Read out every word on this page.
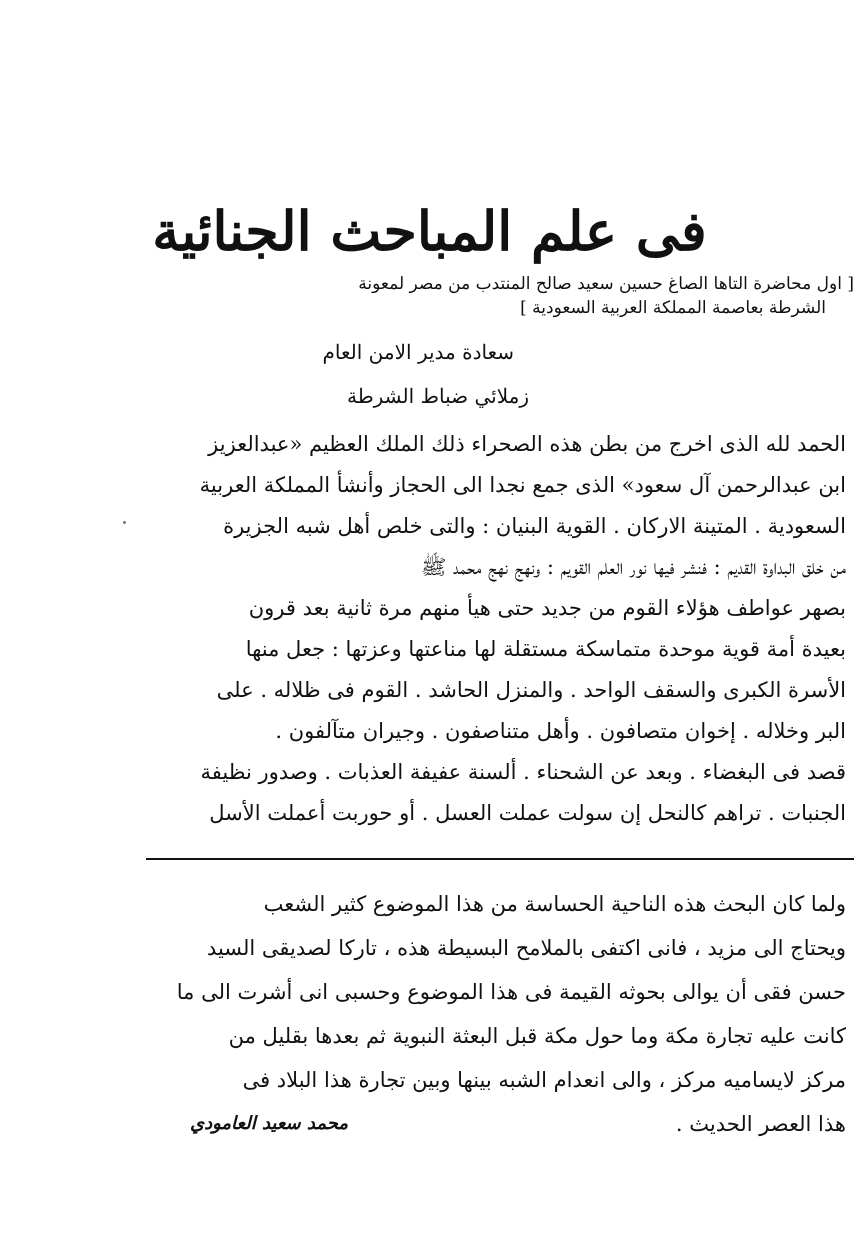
فى علم المباحث الجنائية
[ اول محاضرة التاها الصاغ حسين سعيد صالح المنتدب من مصر لمعونة
الشرطة بعاصمة المملكة العربية السعودية ]
سعادة مدير الامن العام
زملائي ضباط الشرطة
الحمد لله الذى اخرج من بطن هذه الصحراء ذلك الملك العظيم «عبدالعزيز
ابن عبدالرحمن آل سعود» الذى جمع نجدا الى الحجاز وأنشأ المملكة العربية
السعودية . المتينة الاركان . القوية البنيان : والتى خلص أهل شبه الجزيرة
من خلق البداوة القديم : فنشر فيها نور العلم القويم : ونهج نهج محمد ﷺ
بصهر عواطف هؤلاء القوم من جديد حتى هيأ منهم مرة ثانية بعد قرون
بعيدة أمة قوية موحدة متماسكة مستقلة لها مناعتها وعزتها : جعل منها
الأسرة الكبرى والسقف الواحد . والمنزل الحاشد . القوم فى ظلاله . على
البر وخلاله . إخوان متصافون . وأهل متناصفون . وجيران متآلفون .
قصد فى البغضاء . وبعد عن الشحناء . ألسنة عفيفة العذبات . وصدور نظيفة
الجنبات . تراهم كالنحل إن سولت عملت العسل . أو حوربت أعملت الأسل
ولما كان البحث هذه الناحية الحساسة من هذا الموضوع كثير الشعب
ويحتاج الى مزيد ، فانى اكتفى بالملامح البسيطة هذه ، تاركا لصديقى السيد
حسن فقى أن يوالى بحوثه القيمة فى هذا الموضوع وحسبى انى أشرت الى ما
كانت عليه تجارة مكة وما حول مكة قبل البعثة النبوية ثم بعدها بقليل من
مركز لايساميه مركز ، والى انعدام الشبه بينها وبين تجارة هذا البلاد فى
هذا العصر الحديث .
محمد سعيد العامودي
